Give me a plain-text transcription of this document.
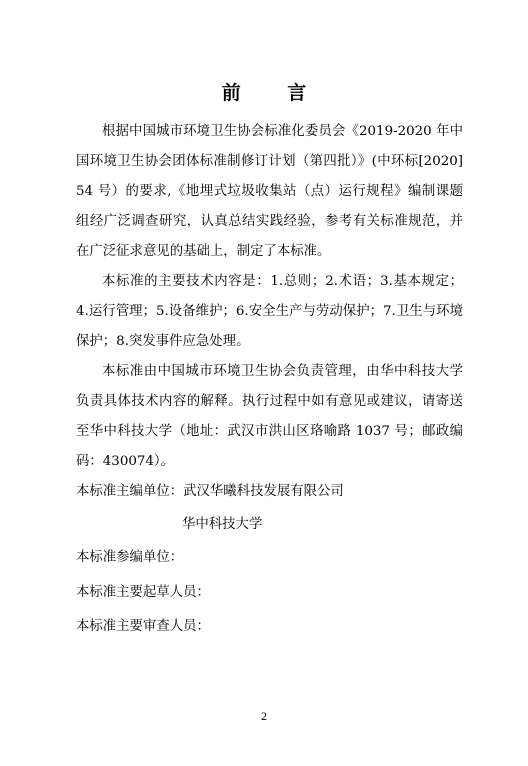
前 言
根据中国城市环境卫生协会标准化委员会《2019-2020 年中
国环境卫生协会团体标准制修订计划（第四批）》(中环标[2020]
54 号）的要求,《地埋式垃圾收集站（点）运行规程》编制课题
组经广泛调查研究，认真总结实践经验，参考有关标准规范，并
在广泛征求意见的基础上，制定了本标准。
本标准的主要技术内容是：1.总则；2.术语；3.基本规定；
4.运行管理；5.设备维护；6.安全生产与劳动保护；7.卫生与环境
保护；8.突发事件应急处理。
本标准由中国城市环境卫生协会负责管理，由华中科技大学
负责具体技术内容的解释。执行过程中如有意见或建议，请寄送
至华中科技大学（地址：武汉市洪山区珞喻路 1037 号；邮政编
码：430074）。
本标准主编单位：武汉华曦科技发展有限公司
华中科技大学
本标准参编单位：
本标准主要起草人员：
本标准主要审查人员：
2
